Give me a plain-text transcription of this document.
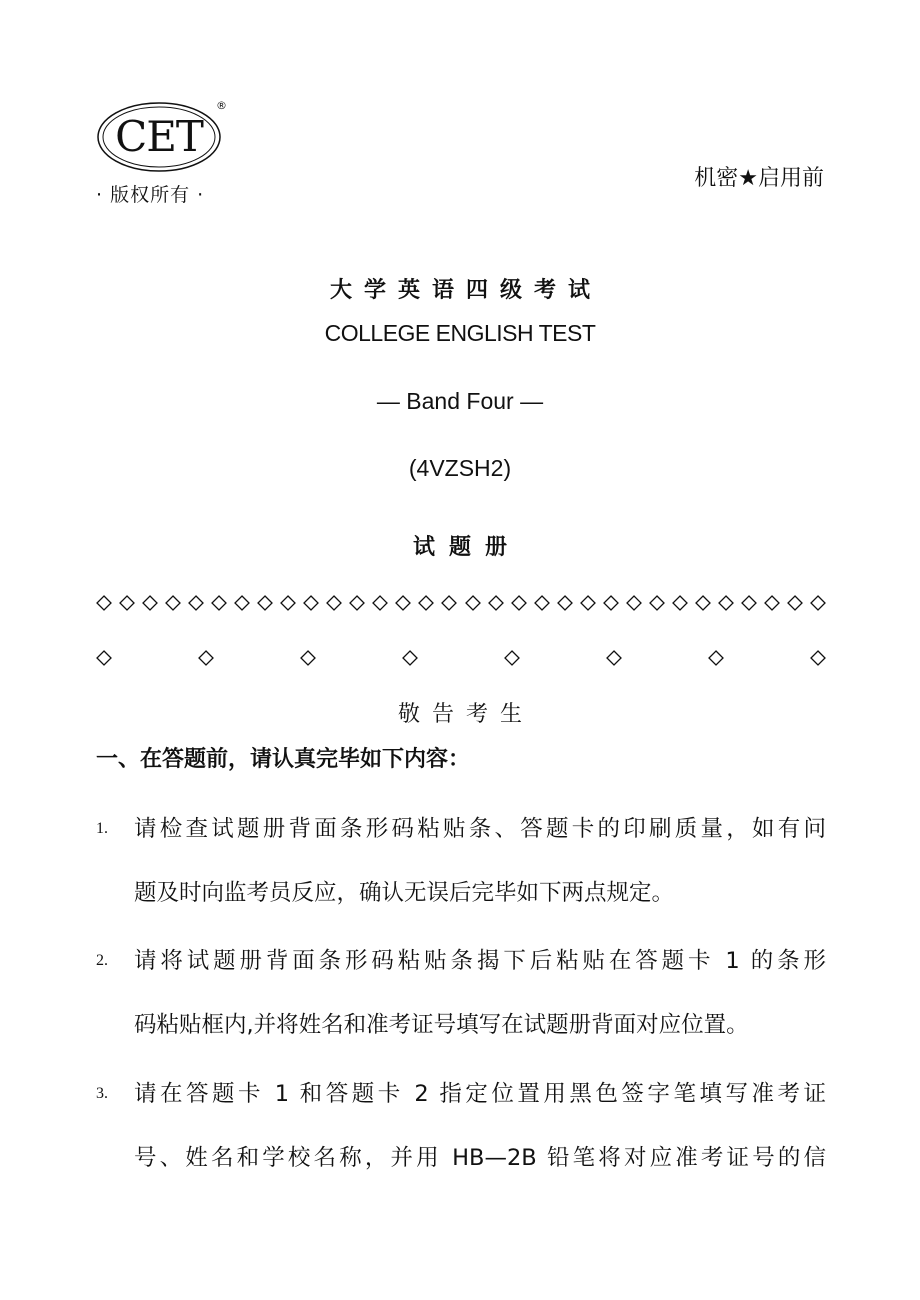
CET
®
· 版权所有 ·
机密★启用前
大学英语四级考试
COLLEGE ENGLISH TEST
— Band Four —
(4VZSH2)
试题册
敬告考生
一、在答题前，请认真完毕如下内容：
1. 请检查试题册背面条形码粘贴条、答题卡的印刷质量，如有问
题及时向监考员反应，确认无误后完毕如下两点规定。
2. 请将试题册背面条形码粘贴条揭下后粘贴在答题卡 1 的条形
码粘贴框内,并将姓名和准考证号填写在试题册背面对应位置。
3. 请在答题卡 1 和答题卡 2 指定位置用黑色签字笔填写准考证
号、姓名和学校名称，并用 HB—2B 铅笔将对应准考证号的信
